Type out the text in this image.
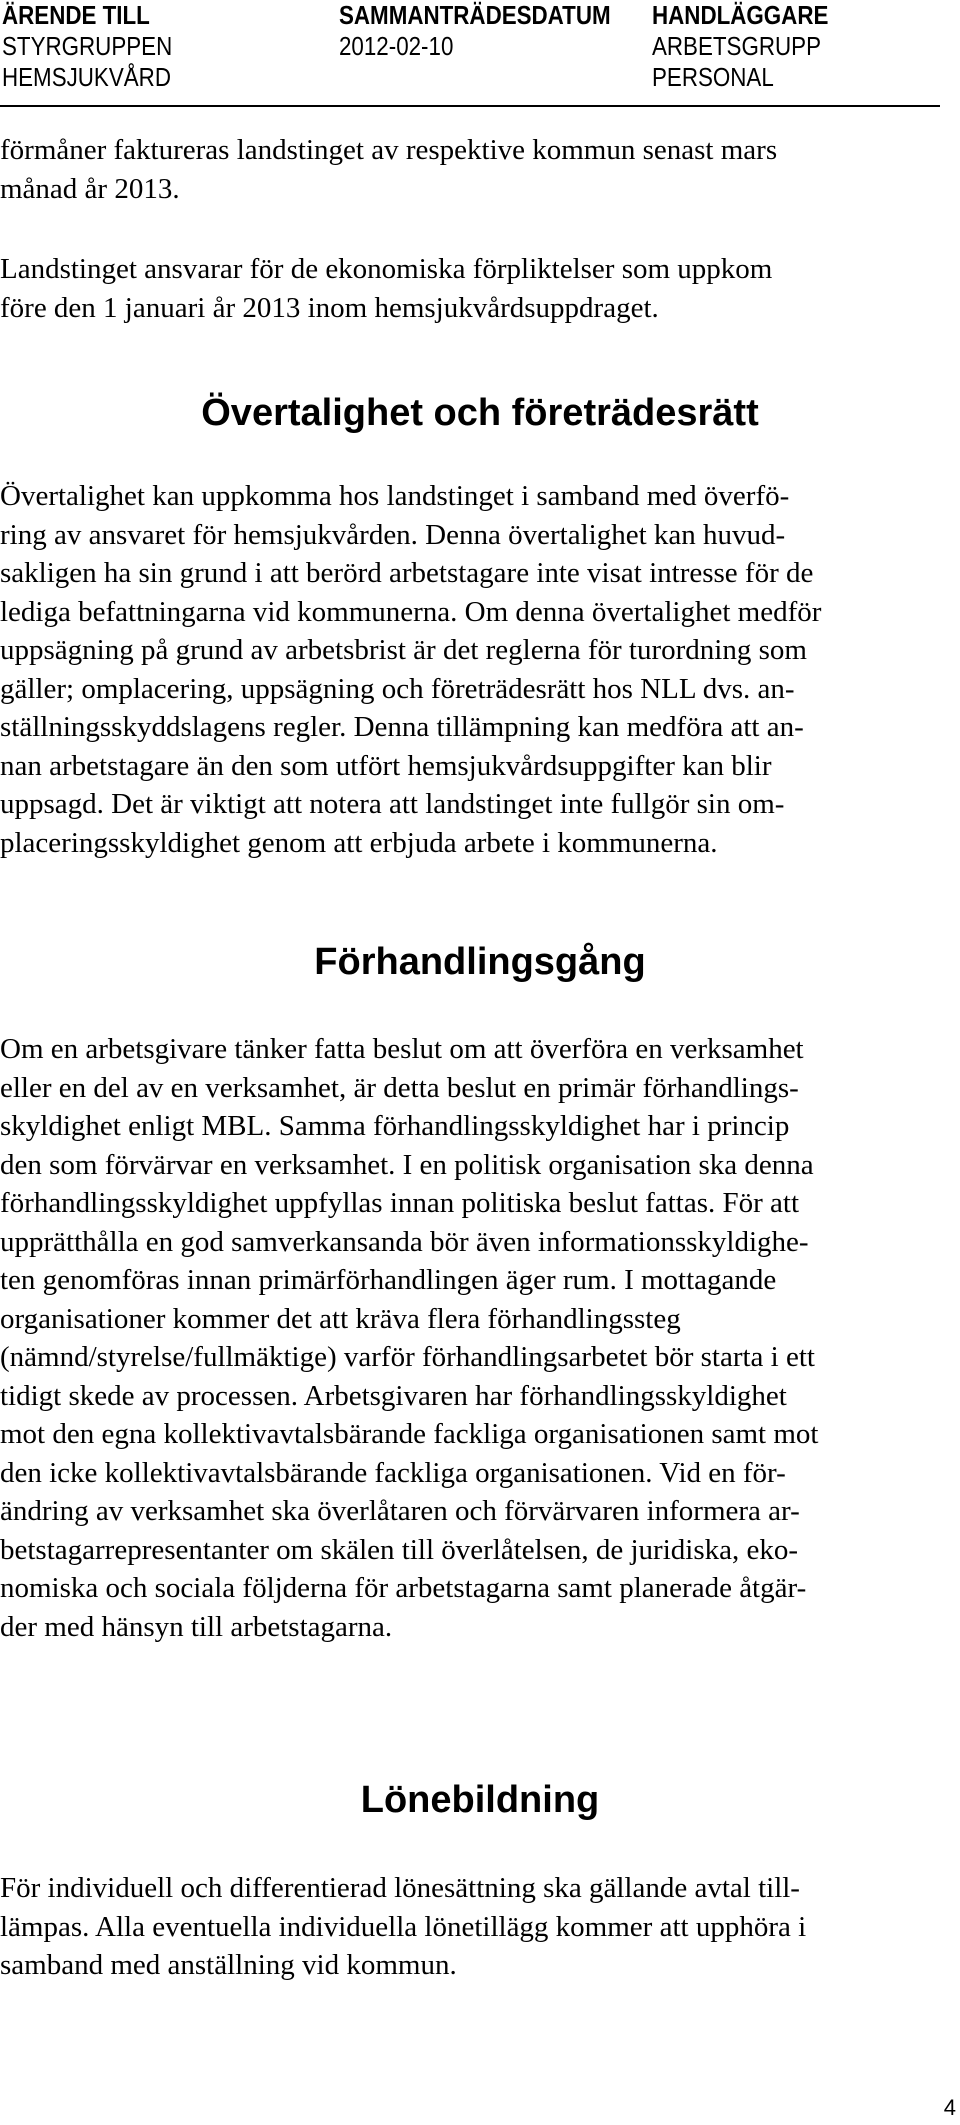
ÄRENDE TILL
STYRGRUPPEN
HEMSJUKVÅRD
SAMMANTRÄDESDATUM
2012-02-10
HANDLÄGGARE
ARBETSGRUPP
PERSONAL
förmåner faktureras landstinget av respektive kommun senast mars
månad år 2013.
Landstinget ansvarar för de ekonomiska förpliktelser som uppkom
före den 1 januari år 2013 inom hemsjukvårdsuppdraget.
Övertalighet och företrädesrätt
Övertalighet kan uppkomma hos landstinget i samband med överfö-
ring av ansvaret för hemsjukvården. Denna övertalighet kan huvud-
sakligen ha sin grund i att berörd arbetstagare inte visat intresse för de
lediga befattningarna vid kommunerna. Om denna övertalighet medför
uppsägning på grund av arbetsbrist är det reglerna för turordning som
gäller; omplacering, uppsägning och företrädesrätt hos NLL dvs. an-
ställningsskyddslagens regler. Denna tillämpning kan medföra att an-
nan arbetstagare än den som utfört hemsjukvårdsuppgifter kan blir
uppsagd. Det är viktigt att notera att landstinget inte fullgör sin om-
placeringsskyldighet genom att erbjuda arbete i kommunerna.
Förhandlingsgång
Om en arbetsgivare tänker fatta beslut om att överföra en verksamhet
eller en del av en verksamhet, är detta beslut en primär förhandlings-
skyldighet enligt MBL. Samma förhandlingsskyldighet har i princip
den som förvärvar en verksamhet. I en politisk organisation ska denna
förhandlingsskyldighet uppfyllas innan politiska beslut fattas. För att
upprätthålla en god samverkansanda bör även informationsskyldighe-
ten genomföras innan primärförhandlingen äger rum. I mottagande
organisationer kommer det att kräva flera förhandlingssteg
(nämnd/styrelse/fullmäktige) varför förhandlingsarbetet bör starta i ett
tidigt skede av processen. Arbetsgivaren har förhandlingsskyldighet
mot den egna kollektivavtalsbärande fackliga organisationen samt mot
den icke kollektivavtalsbärande fackliga organisationen. Vid en för-
ändring av verksamhet ska överlåtaren och förvärvaren informera ar-
betstagarrepresentanter om skälen till överlåtelsen, de juridiska, eko-
nomiska och sociala följderna för arbetstagarna samt planerade åtgär-
der med hänsyn till arbetstagarna.
Lönebildning
För individuell och differentierad lönesättning ska gällande avtal till-
lämpas. Alla eventuella individuella lönetillägg kommer att upphöra i
samband med anställning vid kommun.
4
